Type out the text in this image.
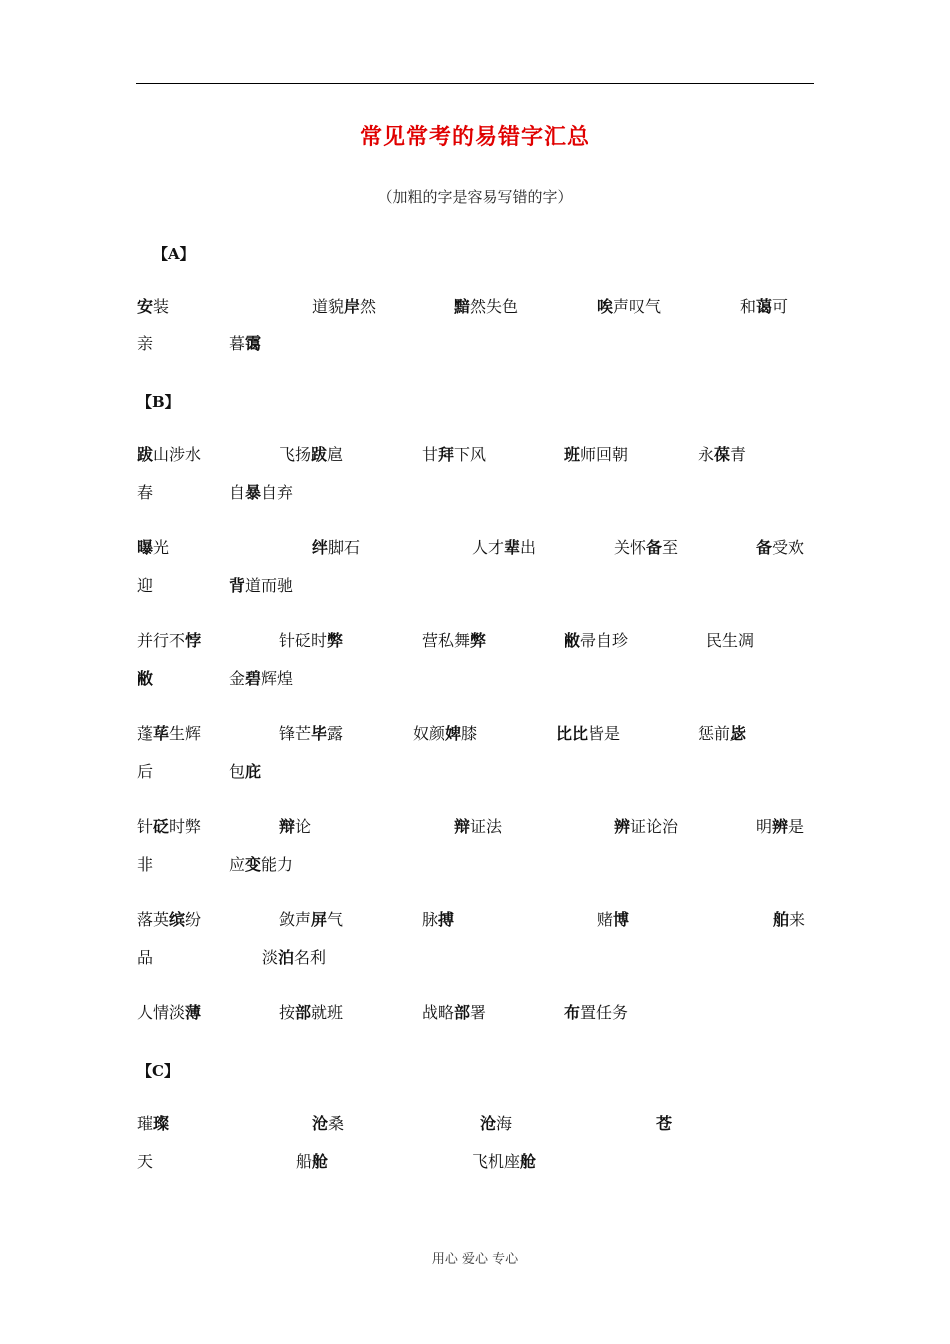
常见常考的易错字汇总
（加粗的字是容易写错的字）
【A】
【B】
【C】
安装	道貌岸然	黯然失色	唉声叹气	和蔼可
亲	暮霭
跋山涉水	飞扬跋扈	甘拜下风	班师回朝	永葆青
春	自暴自弃
曝光	绊脚石	人才辈出	关怀备至	备受欢
迎	背道而驰
并行不悖	针砭时弊	营私舞弊	敝帚自珍	民生凋
敝	金碧辉煌
蓬荜生辉	锋芒毕露	奴颜婢膝	比比皆是	惩前毖
后	包庇
针砭时弊	辩论	辩证法	辨证论治	明辨是
非	应变能力
落英缤纷	敛声屏气	脉搏	赌博	舶来
品	淡泊名利
人情淡薄	按部就班	战略部署	布置任务
璀璨	沧桑	沧海	苍
天	船舱	飞机座舱
用心 爱心 专心
